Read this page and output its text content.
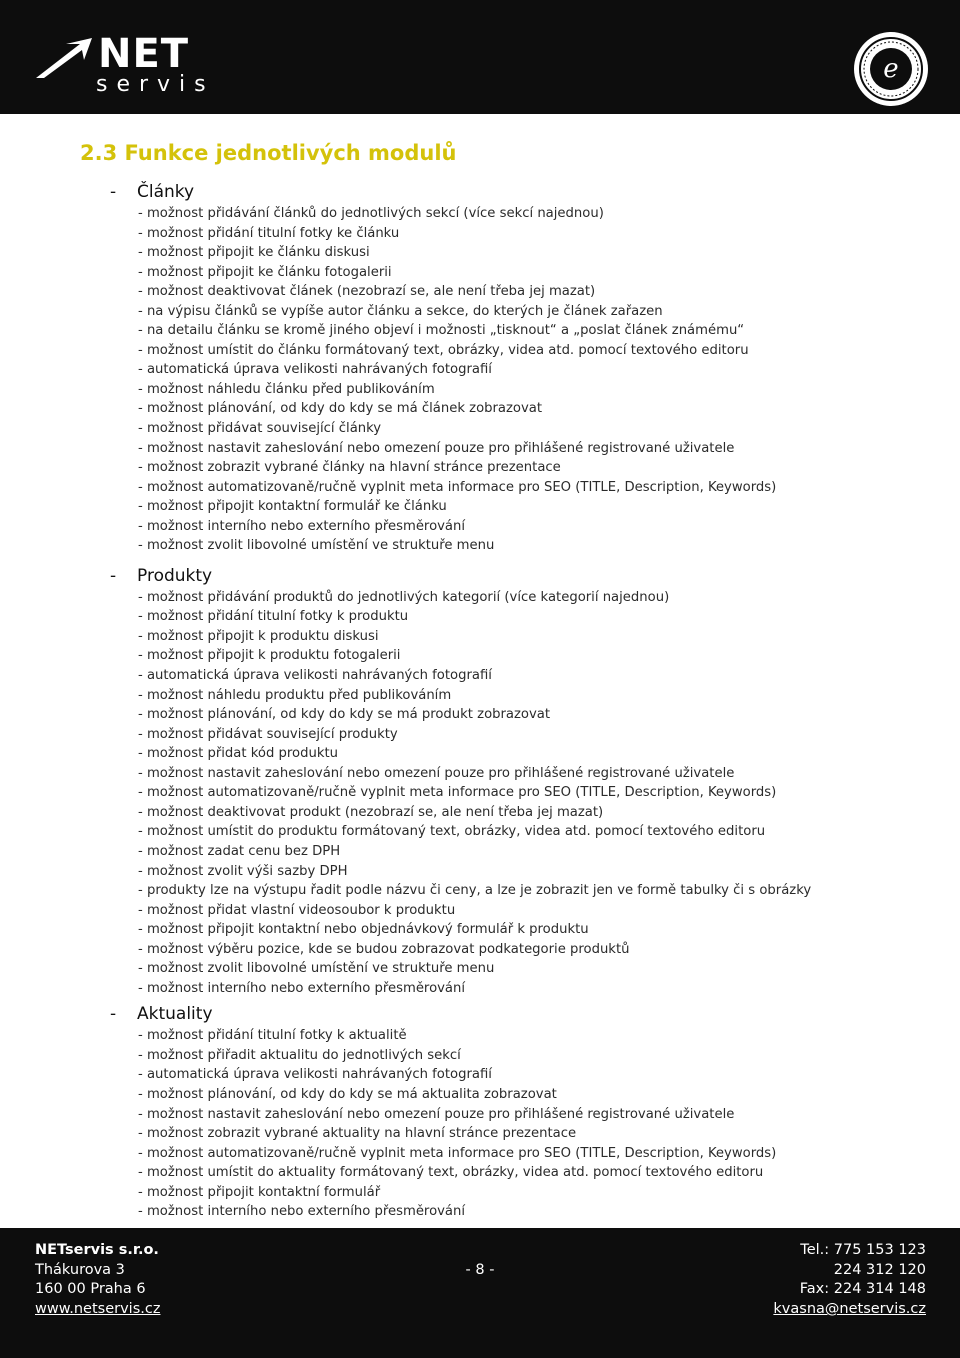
NET
servis
e
2.3 Funkce jednotlivých modulů
- Články
- možnost přidávání článků do jednotlivých sekcí (více sekcí najednou)
- možnost přidání titulní fotky ke článku
- možnost připojit ke článku diskusi
- možnost připojit ke článku fotogalerii
- možnost deaktivovat článek (nezobrazí se, ale není třeba jej mazat)
- na výpisu článků se vypíše autor článku a sekce, do kterých je článek zařazen
- na detailu článku se kromě jiného objeví i možnosti „tisknout“ a „poslat článek známému“
- možnost umístit do článku formátovaný text, obrázky, videa atd. pomocí textového editoru
- automatická úprava velikosti nahrávaných fotografií
- možnost náhledu článku před publikováním
- možnost plánování, od kdy do kdy se má článek zobrazovat
- možnost přidávat související články
- možnost nastavit zaheslování nebo omezení pouze pro přihlášené registrované uživatele
- možnost zobrazit vybrané články na hlavní stránce prezentace
- možnost automatizovaně/ručně vyplnit meta informace pro SEO (TITLE, Description, Keywords)
- možnost připojit kontaktní formulář ke článku
- možnost interního nebo externího přesměrování
- možnost zvolit libovolné umístění ve struktuře menu
- Produkty
- možnost přidávání produktů do jednotlivých kategorií (více kategorií najednou)
- možnost přidání titulní fotky k produktu
- možnost připojit k produktu diskusi
- možnost připojit k produktu fotogalerii
- automatická úprava velikosti nahrávaných fotografií
- možnost náhledu produktu před publikováním
- možnost plánování, od kdy do kdy se má produkt zobrazovat
- možnost přidávat související produkty
- možnost přidat kód produktu
- možnost nastavit zaheslování nebo omezení pouze pro přihlášené registrované uživatele
- možnost automatizovaně/ručně vyplnit meta informace pro SEO (TITLE, Description, Keywords)
- možnost deaktivovat produkt (nezobrazí se, ale není třeba jej mazat)
- možnost umístit do produktu formátovaný text, obrázky, videa atd. pomocí textového editoru
- možnost zadat cenu bez DPH
- možnost zvolit výši sazby DPH
- produkty lze na výstupu řadit podle názvu či ceny, a lze je zobrazit jen ve formě tabulky či s obrázky
- možnost přidat vlastní videosoubor k produktu
- možnost připojit kontaktní nebo objednávkový formulář k produktu
- možnost výběru pozice, kde se budou zobrazovat podkategorie produktů
- možnost zvolit libovolné umístění ve struktuře menu
- možnost interního nebo externího přesměrování
- Aktuality
- možnost přidání titulní fotky k aktualitě
- možnost přiřadit aktualitu do jednotlivých sekcí
- automatická úprava velikosti nahrávaných fotografií
- možnost plánování, od kdy do kdy se má aktualita zobrazovat
- možnost nastavit zaheslování nebo omezení pouze pro přihlášené registrované uživatele
- možnost zobrazit vybrané aktuality na hlavní stránce prezentace
- možnost automatizovaně/ručně vyplnit meta informace pro SEO (TITLE, Description, Keywords)
- možnost umístit do aktuality formátovaný text, obrázky, videa atd. pomocí textového editoru
- možnost připojit kontaktní formulář
- možnost interního nebo externího přesměrování
NETservis s.r.o.
Thákurova 3
160 00 Praha 6
www.netservis.cz
- 8 -
Tel.: 775 153 123
224 312 120
Fax: 224 314 148
kvasna@netservis.cz
